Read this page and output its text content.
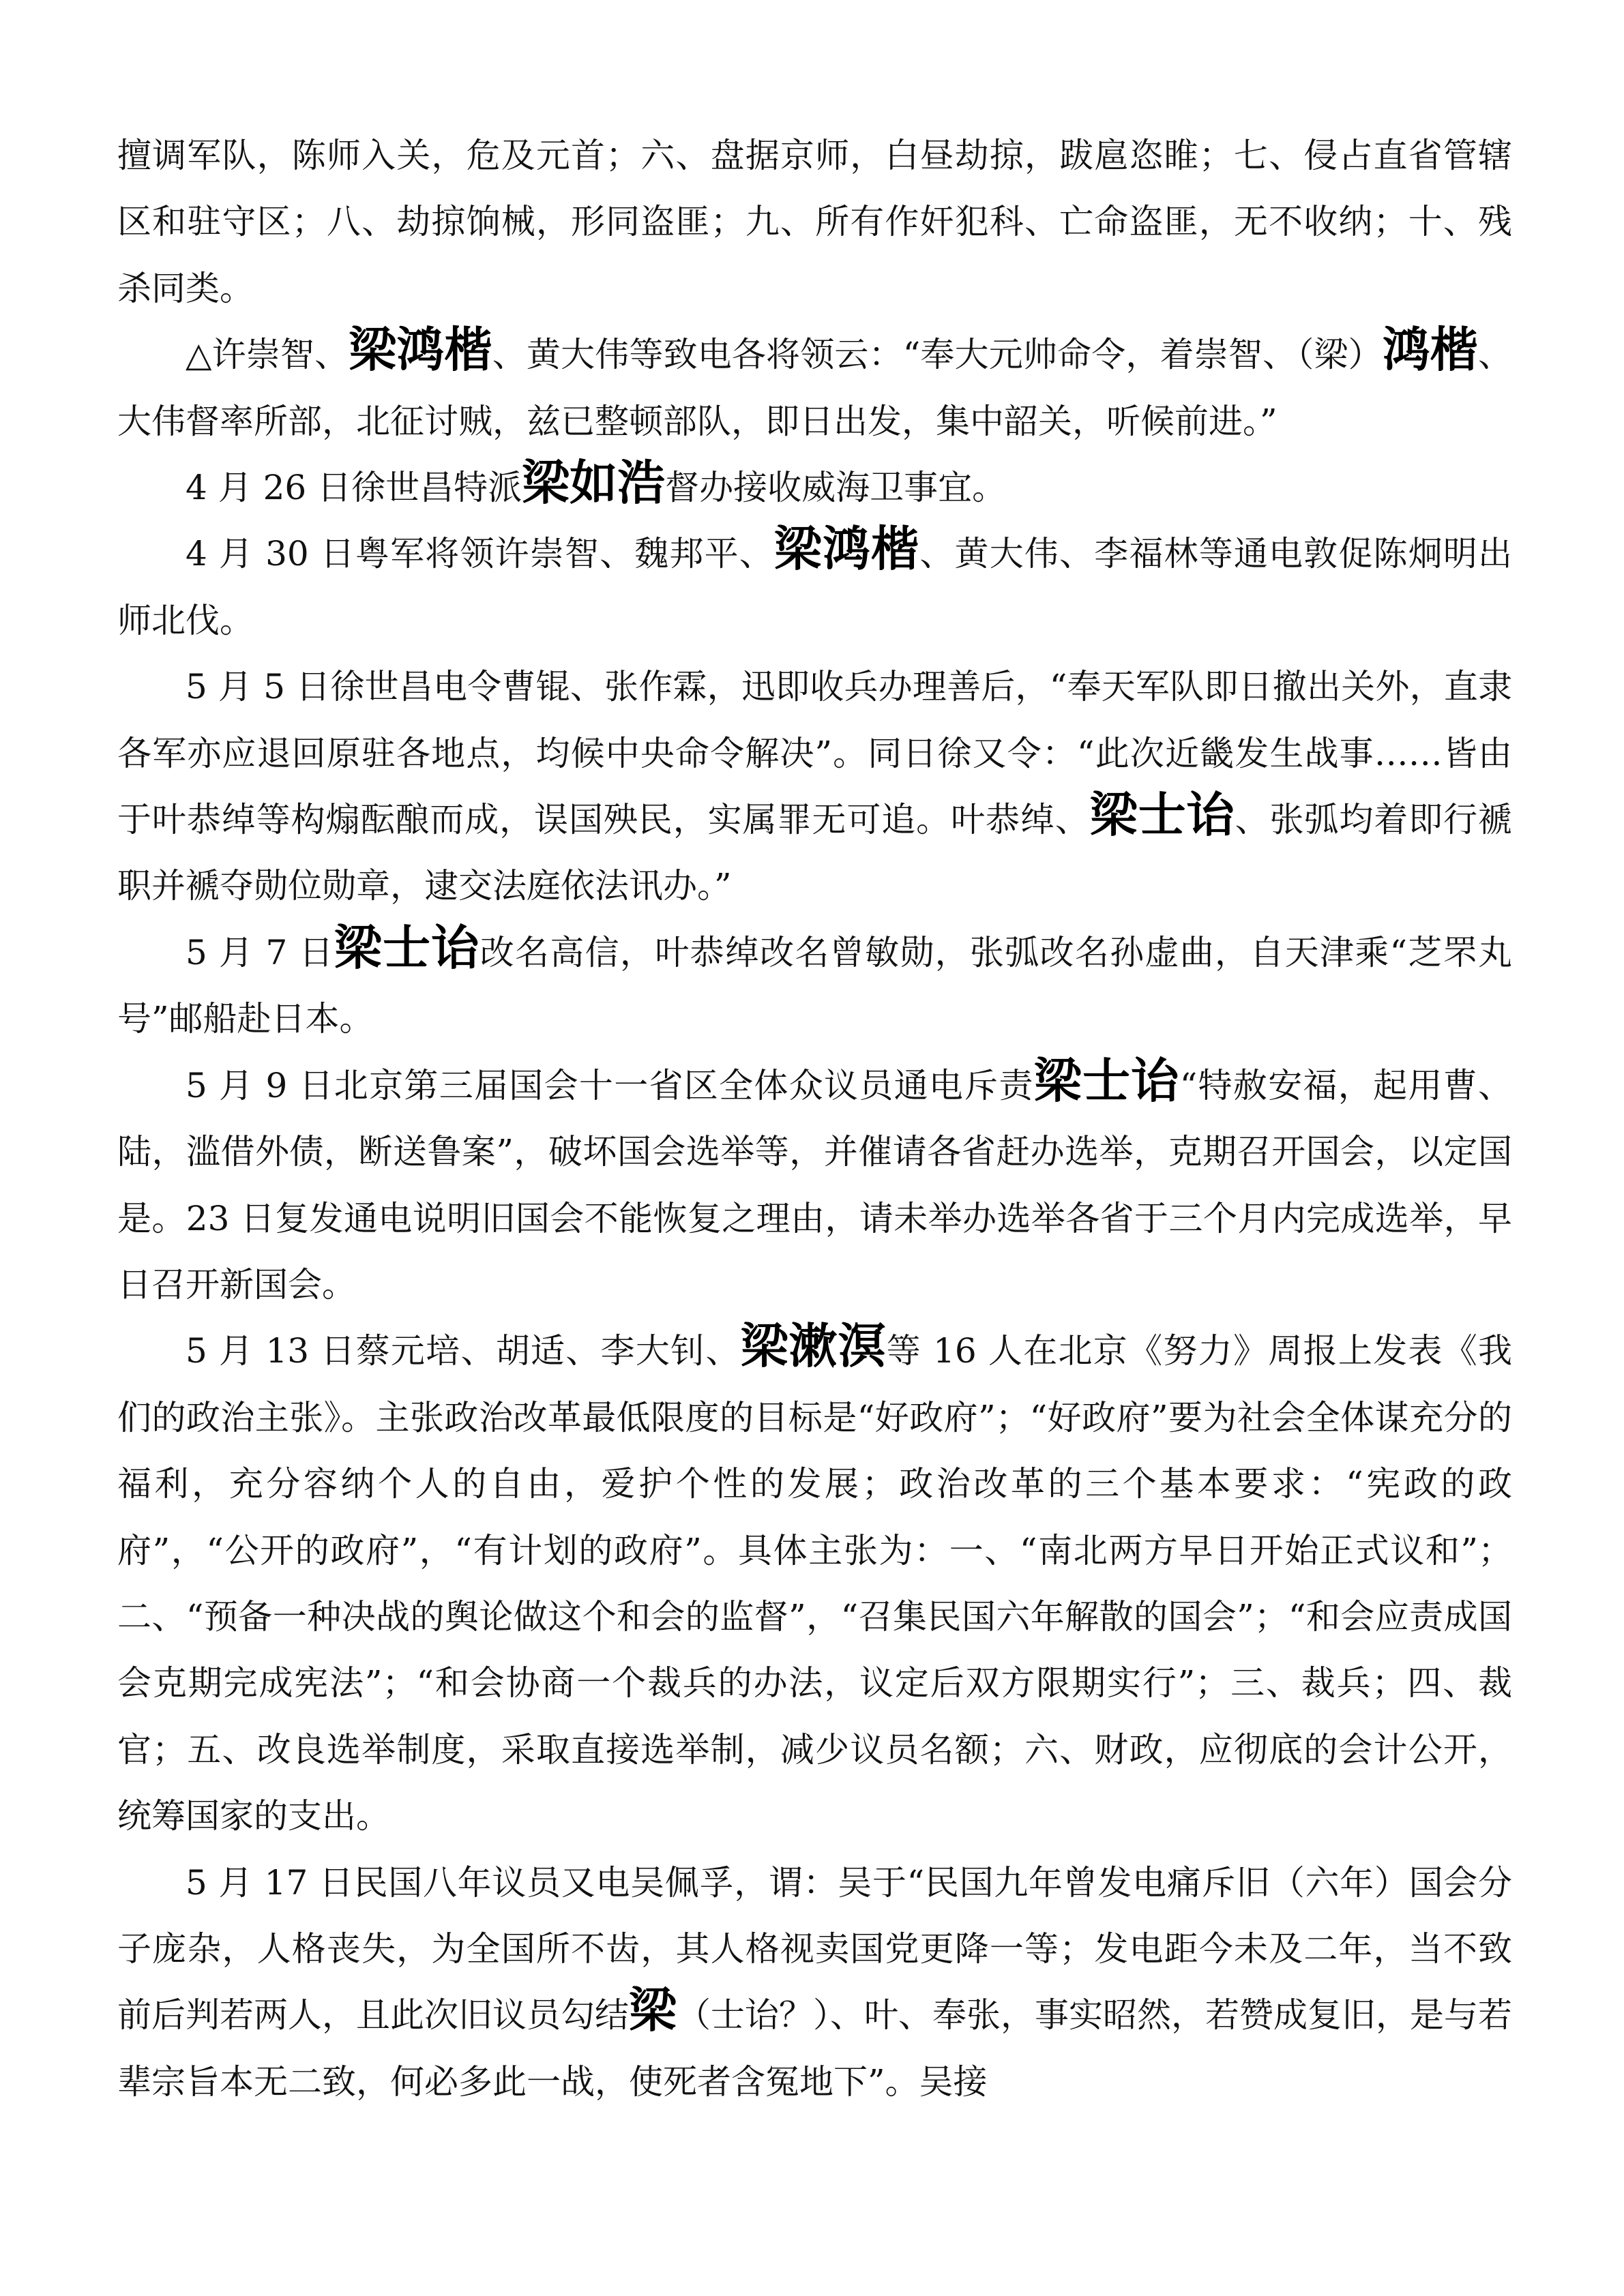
擅调军队，陈师入关，危及元首；六、盘据京师，白昼劫掠，跋扈恣睢；七、侵占直省管辖区和驻守区；八、劫掠饷械，形同盗匪；九、所有作奸犯科、亡命盗匪，无不收纳；十、残杀同类。

△许崇智、梁鸿楷、黄大伟等致电各将领云：“奉大元帅命令，着崇智、（梁）鸿楷、大伟督率所部，北征讨贼，兹已整顿部队，即日出发，集中韶关，听候前进。”

4 月 26 日徐世昌特派梁如浩督办接收威海卫事宜。

4 月 30 日粤军将领许崇智、魏邦平、梁鸿楷、黄大伟、李福林等通电敦促陈炯明出师北伐。

5 月 5 日徐世昌电令曹锟、张作霖，迅即收兵办理善后，“奉天军队即日撤出关外，直隶各军亦应退回原驻各地点，均候中央命令解决”。同日徐又令：“此次近畿发生战事……皆由于叶恭绰等构煽酝酿而成，误国殃民，实属罪无可追。叶恭绰、梁士诒、张弧均着即行褫职并褫夺勋位勋章，逮交法庭依法讯办。”

5 月 7 日梁士诒改名高信，叶恭绰改名曾敏勋，张弧改名孙虚曲，自天津乘“芝罘丸号”邮船赴日本。

5 月 9 日北京第三届国会十一省区全体众议员通电斥责梁士诒“特赦安福，起用曹、陆，滥借外债，断送鲁案”，破坏国会选举等，并催请各省赶办选举，克期召开国会，以定国是。23 日复发通电说明旧国会不能恢复之理由，请未举办选举各省于三个月内完成选举，早日召开新国会。

5 月 13 日蔡元培、胡适、李大钊、梁漱溟等 16 人在北京《努力》周报上发表《我们的政治主张》。主张政治改革最低限度的目标是“好政府”；“好政府”要为社会全体谋充分的福利，充分容纳个人的自由，爱护个性的发展；政治改革的三个基本要求：“宪政的政府”，“公开的政府”，“有计划的政府”。具体主张为：一、“南北两方早日开始正式议和”；二、“预备一种决战的舆论做这个和会的监督”，“召集民国六年解散的国会”；“和会应责成国会克期完成宪法”；“和会协商一个裁兵的办法，议定后双方限期实行”；三、裁兵；四、裁官；五、改良选举制度，采取直接选举制，减少议员名额；六、财政，应彻底的会计公开，统筹国家的支出。

5 月 17 日民国八年议员又电吴佩孚，谓：吴于“民国九年曾发电痛斥旧（六年）国会分子庞杂，人格丧失，为全国所不齿，其人格视卖国党更降一等；发电距今未及二年，当不致前后判若两人，且此次旧议员勾结梁（士诒？）、叶、奉张，事实昭然，若赞成复旧，是与若辈宗旨本无二致，何必多此一战，使死者含冤地下”。吴接
